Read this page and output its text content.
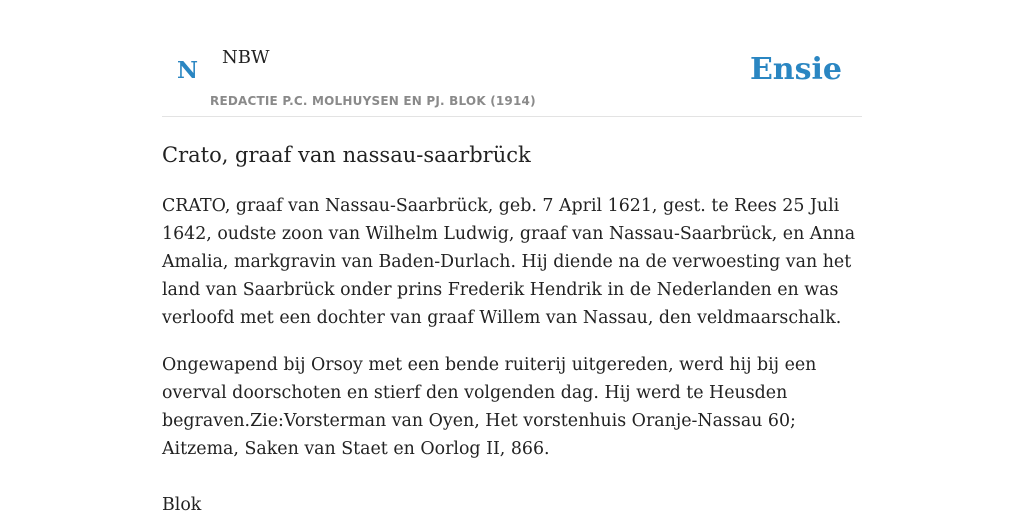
N NBW
REDACTIE P.C. MOLHUYSEN EN PJ. BLOK (1914)
Ensie
Crato, graaf van nassau-saarbrück

CRATO, graaf van Nassau-Saarbrück, geb. 7 April 1621, gest. te Rees 25 Juli 1642, oudste zoon van Wilhelm Ludwig, graaf van Nassau-Saarbrück, en Anna Amalia, markgravin van Baden-Durlach. Hij diende na de verwoesting van het land van Saarbrück onder prins Frederik Hendrik in de Nederlanden en was verloofd met een dochter van graaf Willem van Nassau, den veldmaarschalk.

Ongewapend bij Orsoy met een bende ruiterij uitgereden, werd hij bij een overval doorschoten en stierf den volgenden dag. Hij werd te Heusden begraven.Zie:Vorsterman van Oyen, Het vorstenhuis Oranje-Nassau 60; Aitzema, Saken van Staet en Oorlog II, 866.

Blok
